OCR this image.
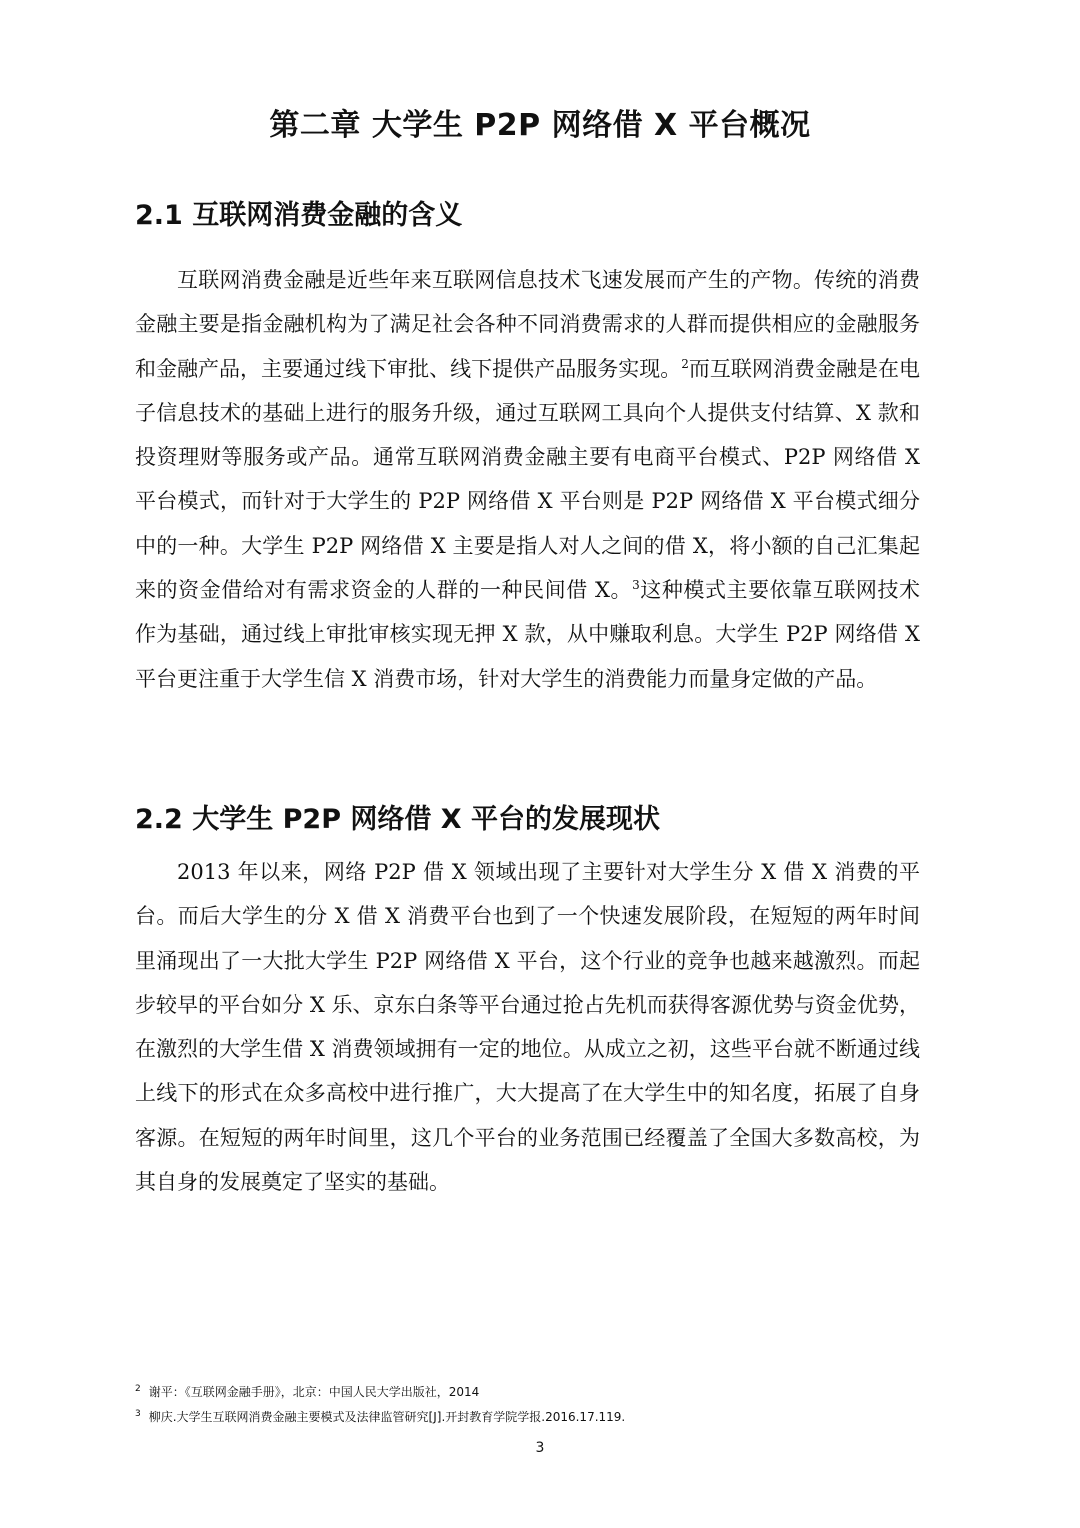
第二章 大学生 P2P 网络借 X 平台概况
2.1 互联网消费金融的含义

互联网消费金融是近些年来互联网信息技术飞速发展而产生的产物。传统的消费金融主要是指金融机构为了满足社会各种不同消费需求的人群而提供相应的金融服务和金融产品，主要通过线下审批、线下提供产品服务实现。$^2$而互联网消费金融是在电子信息技术的基础上进行的服务升级，通过互联网工具向个人提供支付结算、X 款和投资理财等服务或产品。通常互联网消费金融主要有电商平台模式、P2P 网络借 X 平台模式，而针对于大学生的 P2P 网络借 X 平台则是 P2P 网络借 X 平台模式细分中的一种。大学生 P2P 网络借 X 主要是指人对人之间的借 X，将小额的自己汇集起来的资金借给对有需求资金的人群的一种民间借 X。$^3$这种模式主要依靠互联网技术作为基础，通过线上审批审核实现无押 X 款，从中赚取利息。大学生 P2P 网络借 X 平台更注重于大学生信 X 消费市场，针对大学生的消费能力而量身定做的产品。

2.2 大学生 P2P 网络借 X 平台的发展现状

2013 年以来，网络 P2P 借 X 领域出现了主要针对大学生分 X 借 X 消费的平台。而后大学生的分 X 借 X 消费平台也到了一个快速发展阶段，在短短的两年时间里涌现出了一大批大学生 P2P 网络借 X 平台，这个行业的竞争也越来越激烈。而起步较早的平台如分 X 乐、京东白条等平台通过抢占先机而获得客源优势与资金优势，在激烈的大学生借 X 消费领域拥有一定的地位。从成立之初，这些平台就不断通过线上线下的形式在众多高校中进行推广，大大提高了在大学生中的知名度，拓展了自身客源。在短短的两年时间里，这几个平台的业务范围已经覆盖了全国大多数高校，为其自身的发展奠定了坚实的基础。

$^2$ 谢平：《互联网金融手册》，北京：中国人民大学出版社，2014
$^3$ 柳庆.大学生互联网消费金融主要模式及法律监管研究[J].开封教育学院学报.2016.17.119.
3
